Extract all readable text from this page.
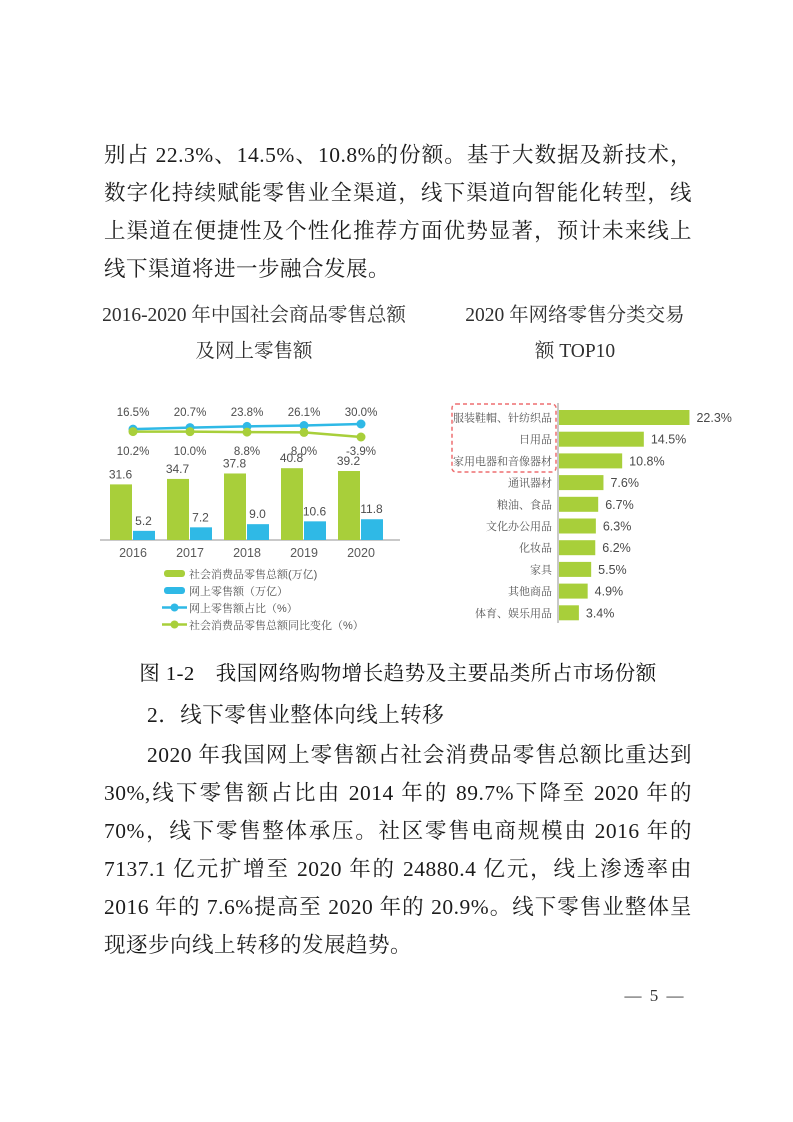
别占 22.3%、14.5%、10.8%的份额。基于大数据及新技术，数字化持续赋能零售业全渠道，线下渠道向智能化转型，线上渠道在便捷性及个性化推荐方面优势显著，预计未来线上线下渠道将进一步融合发展。

2016-2020 年中国社会商品零售总额
及网上零售额
2020 年网络零售分类交易
额 TOP10
31.6
5.2
2016
34.7
7.2
2017
37.8
9.0
2018
40.8
10.6
2019
39.2
11.8
2020
16.5% 20.7% 23.8% 26.1% 30.0%
10.2% 10.0% 8.8%	8.0%	-3.9%
社会消费品零售总额(万亿)
网上零售额（万亿）
网上零售额占比（%）
社会消费品零售总额同比变化（%）
服装鞋帽、针纺织品	22.3%
日用品	14.5%
家用电器和音像器材	10.8%
通讯器材	7.6%
粮油、食品	6.7%
文化办公用品	6.3%
化妆品	6.2%
家具	5.5%
其他商品	4.9%
体育、娱乐用品	3.4%
图 1-2　我国网络购物增长趋势及主要品类所占市场份额
2．线下零售业整体向线上转移

2020 年我国网上零售额占社会消费品零售总额比重达到 30%,线下零售额占比由 2014 年的 89.7%下降至 2020 年的 70%，线下零售整体承压。社区零售电商规模由 2016 年的 7137.1 亿元扩增至 2020 年的 24880.4 亿元，线上渗透率由 2016 年的 7.6%提高至 2020 年的 20.9%。线下零售业整体呈现逐步向线上转移的发展趋势。

— 5 —
